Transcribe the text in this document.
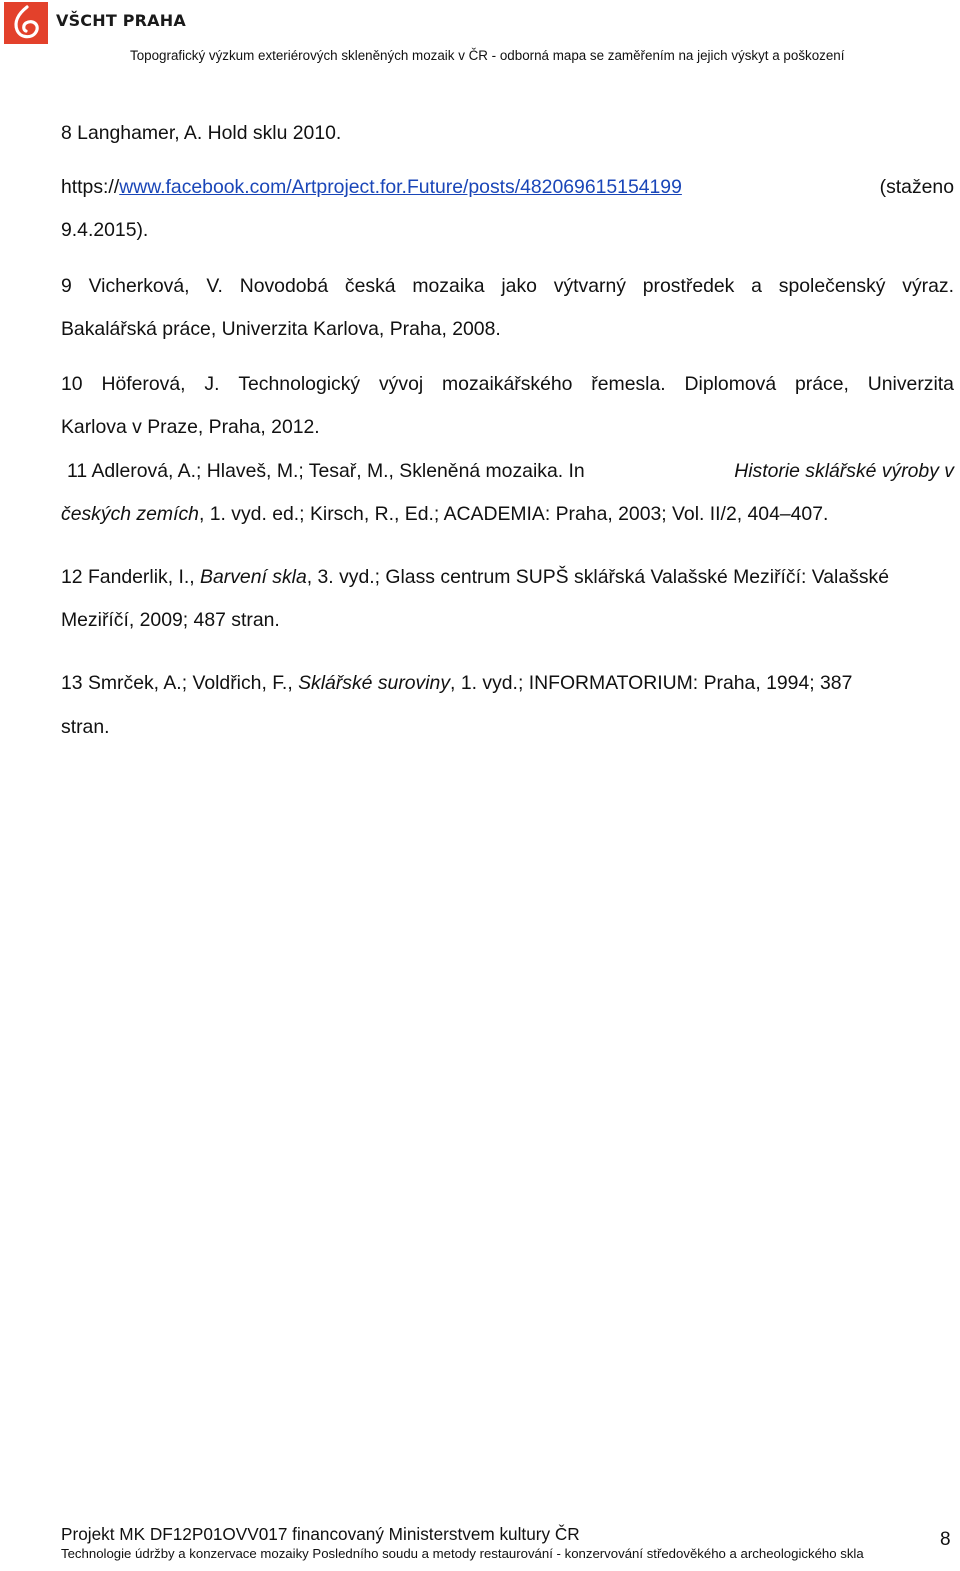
VŠCHT PRAHA
Topografický výzkum exteriérových skleněných mozaik v ČR - odborná mapa se zaměřením na jejich výskyt a poškození
8 Langhamer, A. Hold sklu 2010.
https://www.facebook.com/Artproject.for.Future/posts/482069615154199	(staženo
9.4.2015).
9 Vicherková, V. Novodobá česká mozaika jako výtvarný prostředek a společenský výraz.
Bakalářská práce, Univerzita Karlova, Praha, 2008.
10 Höferová, J. Technologický vývoj mozaikářského řemesla. Diplomová práce, Univerzita
Karlova v Praze, Praha, 2012.
11 Adlerová, A.; Hlaveš, M.; Tesař, M., Skleněná mozaika. In	Historie sklářské výroby v
českých zemích, 1. vyd. ed.; Kirsch, R., Ed.; ACADEMIA: Praha, 2003; Vol. II/2, 404–407.
12 Fanderlik, I., Barvení skla, 3. vyd.; Glass centrum SUPŠ sklářská Valašské Meziříčí: Valašské
Meziříčí, 2009; 487 stran.
13 Smrček, A.; Voldřich, F., Sklářské suroviny, 1. vyd.; INFORMATORIUM: Praha, 1994; 387
stran.
Projekt MK DF12P01OVV017 financovaný Ministerstvem kultury ČR
Technologie údržby a konzervace mozaiky Posledního soudu a metody restaurování - konzervování středověkého a archeologického skla
8
